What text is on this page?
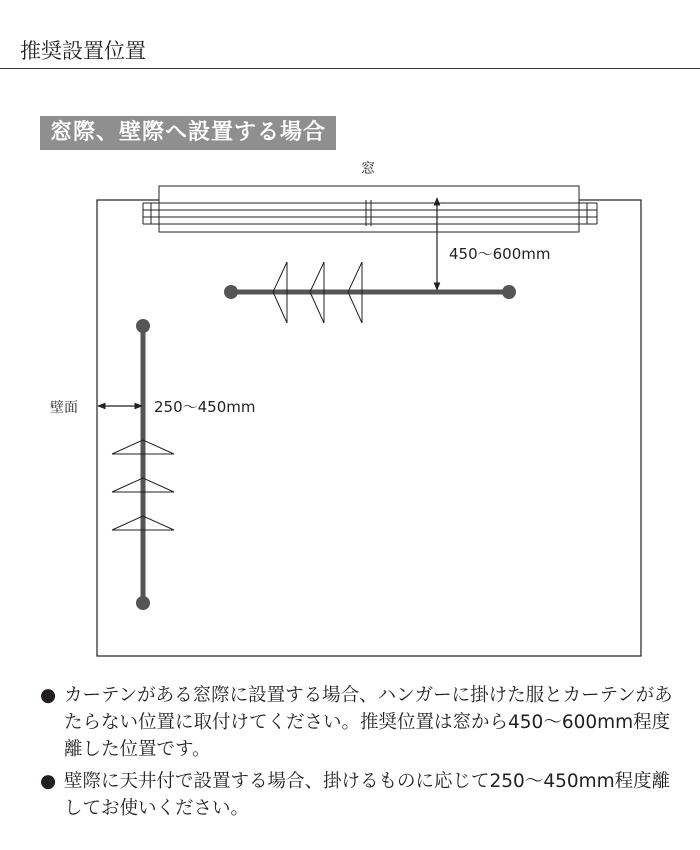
推奨設置位置
窓際、壁際へ設置する場合
窓
450〜600mm
壁面	250〜450mm
● カーテンがある窓際に設置する場合、ハンガーに掛けた服とカーテンがあたらない位置に取付けてください。推奨位置は窓から450〜600mm程度離した位置です。
● 壁際に天井付で設置する場合、掛けるものに応じて250〜450mm程度離してお使いください。
